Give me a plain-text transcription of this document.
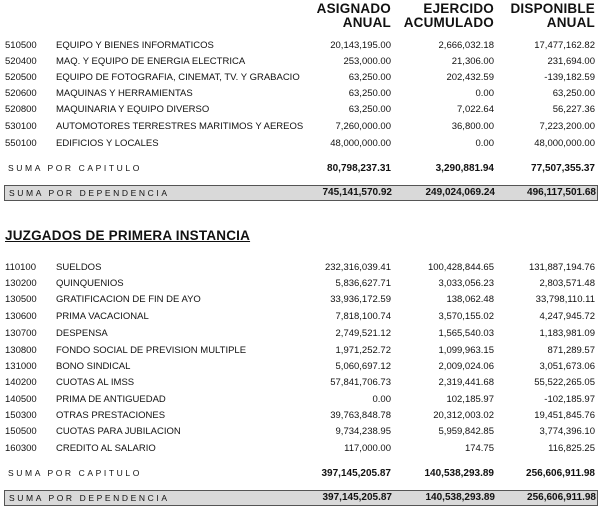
ASIGNADO
ANUAL
EJERCIDO
ACUMULADO
DISPONIBLE
ANUAL
510500 EQUIPO Y BIENES INFORMATICOS	20,143,195.00	2,666,032.18	17,477,162.82
520400 MAQ. Y EQUIPO DE ENERGIA ELECTRICA	253,000.00	21,306.00	231,694.00
520500 EQUIPO DE FOTOGRAFIA, CINEMAT, TV. Y GRABACIO	63,250.00	202,432.59	-139,182.59
520600 MAQUINAS Y HERRAMIENTAS	63,250.00	0.00	63,250.00
520800 MAQUINARIA Y EQUIPO DIVERSO	63,250.00	7,022.64	56,227.36
530100 AUTOMOTORES TERRESTRES MARITIMOS Y AEREOS	7,260,000.00	36,800.00	7,223,200.00
550100 EDIFICIOS Y LOCALES	48,000,000.00	0.00	48,000,000.00
SUMA POR CAPITULO	80,798,237.31	3,290,881.94	77,507,355.37
SUMA POR DEPENDENCIA	745,141,570.92	249,024,069.24	496,117,501.68
JUZGADOS DE PRIMERA INSTANCIA
110100 SUELDOS	232,316,039.41	100,428,844.65	131,887,194.76
130200 QUINQUENIOS	5,836,627.71	3,033,056.23	2,803,571.48
130500 GRATIFICACION DE FIN DE AYO	33,936,172.59	138,062.48	33,798,110.11
130600 PRIMA VACACIONAL	7,818,100.74	3,570,155.02	4,247,945.72
130700 DESPENSA	2,749,521.12	1,565,540.03	1,183,981.09
130800 FONDO SOCIAL DE PREVISION MULTIPLE	1,971,252.72	1,099,963.15	871,289.57
131000 BONO SINDICAL	5,060,697.12	2,009,024.06	3,051,673.06
140200 CUOTAS AL IMSS	57,841,706.73	2,319,441.68	55,522,265.05
140500 PRIMA DE ANTIGUEDAD	0.00	102,185.97	-102,185.97
150300 OTRAS PRESTACIONES	39,763,848.78	20,312,003.02	19,451,845.76
150500 CUOTAS PARA JUBILACION	9,734,238.95	5,959,842.85	3,774,396.10
160300 CREDITO AL SALARIO	117,000.00	174.75	116,825.25
SUMA POR CAPITULO	397,145,205.87	140,538,293.89	256,606,911.98
SUMA POR DEPENDENCIA	397,145,205.87	140,538,293.89	256,606,911.98
